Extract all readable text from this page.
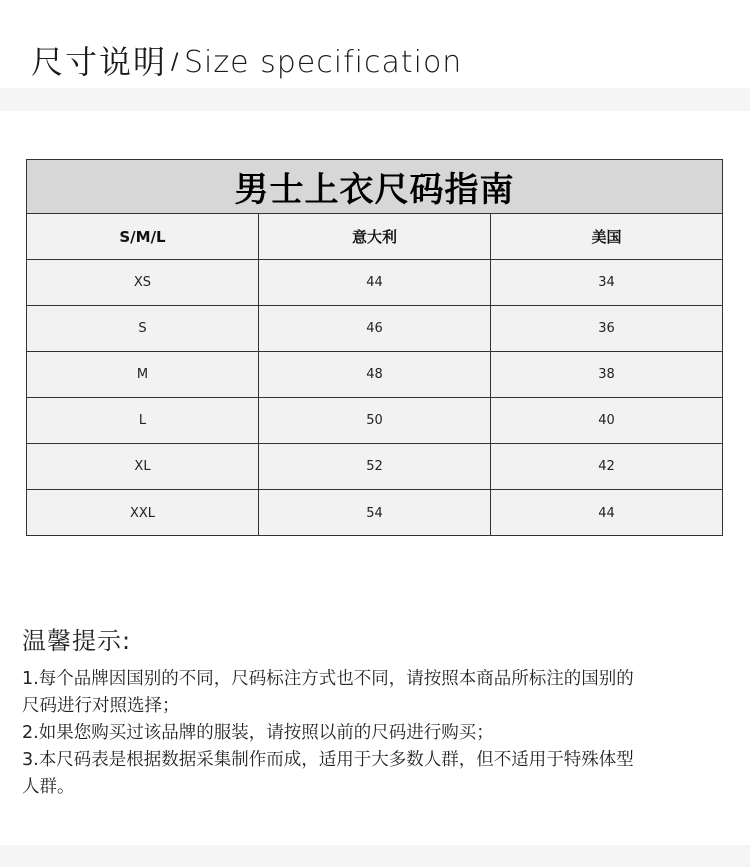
尺寸说明 / Size specification
男士上衣尺码指南
S/M/L	意大利	美国
XS	44	34
S	46	36
M	48	38
L	50	40
XL	52	42
XXL	54	44
温馨提示:
1.每个品牌因国别的不同，尺码标注方式也不同，请按照本商品所标注的国别的
尺码进行对照选择；
2.如果您购买过该品牌的服装，请按照以前的尺码进行购买；
3.本尺码表是根据数据采集制作而成，适用于大多数人群，但不适用于特殊体型
人群。
